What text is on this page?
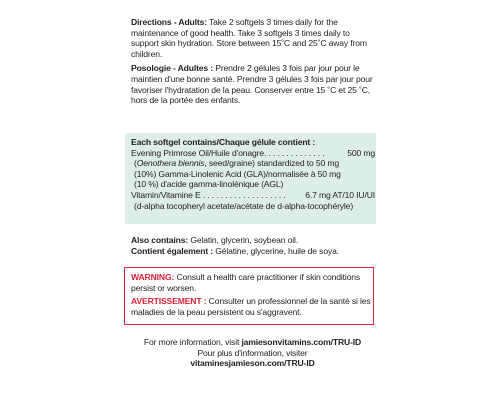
Directions - Adults: Take 2 softgels 3 times daily for the maintenance of good health. Take 3 softgels 3 times daily to support skin hydration. Store between 15˚C and 25˚C away from children.

Posologie - Adultes : Prendre 2 gélules 3 fois par jour pour le maintien d'une bonne santé. Prendre 3 gélules 3 fois par jour pour favoriser l'hydratation de la peau. Conserver entre 15 ˚C et 25 ˚C, hors de la portée des enfants.

Each softgel contains/Chaque gélule contient :
Evening Primrose Oil/Huile d'onagre. . . . . . . . . . . . . .	500 mg
(Oenothera biennis, seed/graine) standardized to 50 mg
(10%) Gamma-Linolenic Acid (GLA)/normalisée à 50 mg
(10 %) d'acide gamma-linolénique (AGL)
Vitamin/Vitamine E . . . . . . . . . . . . . . . . . . . 6.7 mg AT/10 IU/UI
(d-alpha tocopheryl acetate/acétate de d-alpha-tocophéryle)

Also contains: Gelatin, glycerin, soybean oil.

Contient également : Gélatine, glycerine, huile de soya.

WARNING: Consult a health care practitioner if skin conditions persist or worsen.

AVERTISSEMENT : Consulter un professionnel de la santé si les maladies de la peau persistent ou s'aggravent.

For more information, visit jamiesonvitamins.com/TRU-ID
Pour plus d'information, visiter
vitaminesjamieson.com/TRU-ID
